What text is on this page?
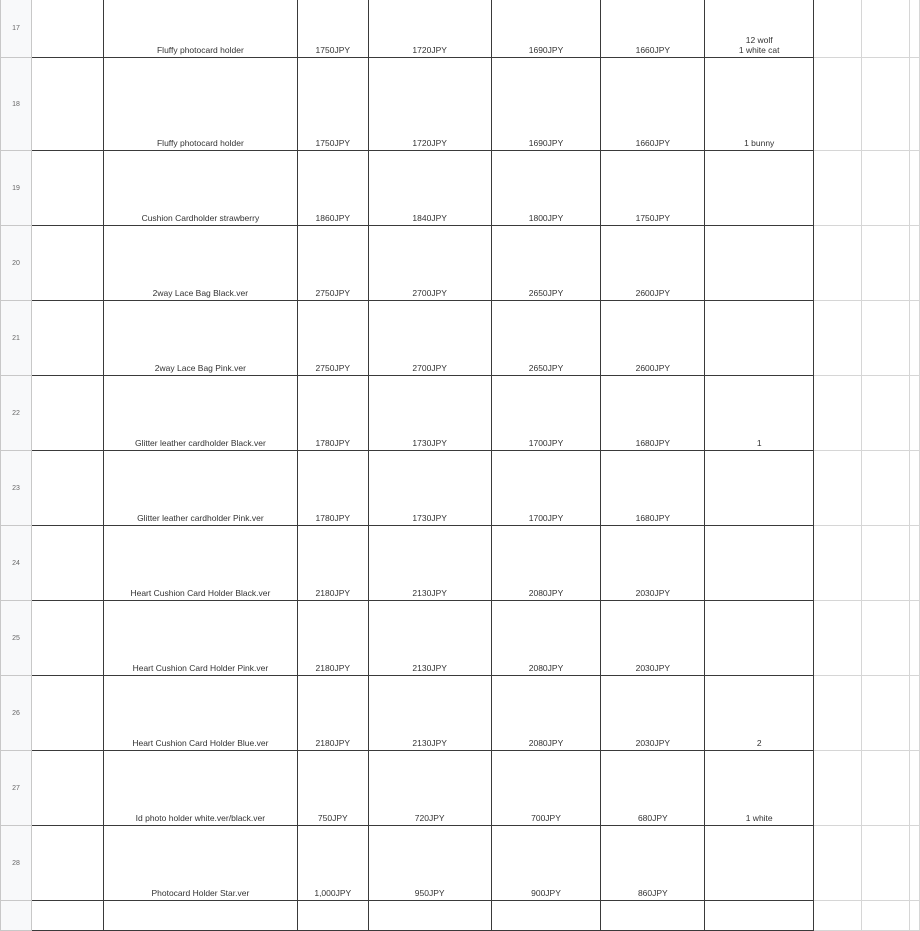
17		Fluffy photocard holder	1750JPY	1720JPY	1690JPY	1660JPY	12 wolf
1 white cat			
18		Fluffy photocard holder	1750JPY	1720JPY	1690JPY	1660JPY	1 bunny			
19		Cushion Cardholder strawberry	1860JPY	1840JPY	1800JPY	1750JPY				
20		2way Lace Bag Black.ver	2750JPY	2700JPY	2650JPY	2600JPY				
21		2way Lace Bag Pink.ver	2750JPY	2700JPY	2650JPY	2600JPY				
22		Glitter leather cardholder Black.ver	1780JPY	1730JPY	1700JPY	1680JPY	1			
23		Glitter leather cardholder Pink.ver	1780JPY	1730JPY	1700JPY	1680JPY				
24		Heart Cushion Card Holder Black.ver	2180JPY	2130JPY	2080JPY	2030JPY				
25		Heart Cushion Card Holder Pink.ver	2180JPY	2130JPY	2080JPY	2030JPY				
26		Heart Cushion Card Holder Blue.ver	2180JPY	2130JPY	2080JPY	2030JPY	2			
27		Id photo holder white.ver/black.ver	750JPY	720JPY	700JPY	680JPY	1 white			
28		Photocard Holder Star.ver	1,000JPY	950JPY	900JPY	860JPY				
